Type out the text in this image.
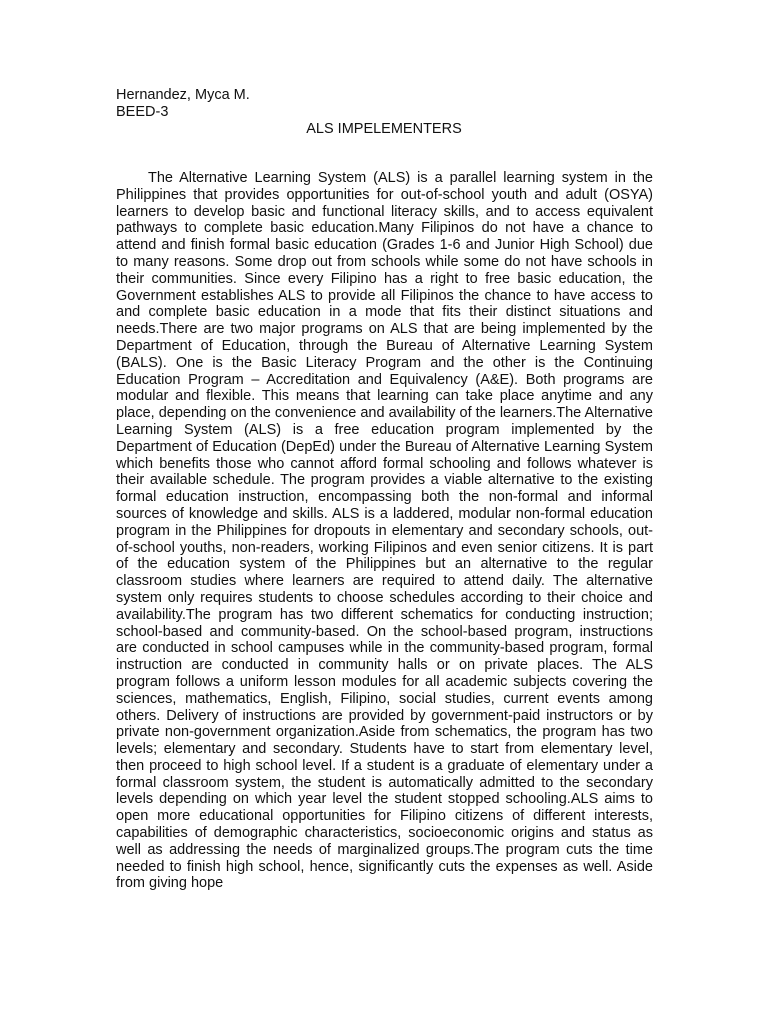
Hernandez, Myca M.
BEED-3
ALS IMPELEMENTERS

The Alternative Learning System (ALS) is a parallel learning system in the Philippines that provides opportunities for out-of-school youth and adult (OSYA) learners to develop basic and functional literacy skills, and to access equivalent pathways to complete basic education.Many Filipinos do not have a chance to attend and finish formal basic education (Grades 1-6 and Junior High School) due to many reasons. Some drop out from schools while some do not have schools in their communities. Since every Filipino has a right to free basic education, the Government establishes ALS to provide all Filipinos the chance to have access to and complete basic education in a mode that fits their distinct situations and needs.There are two major programs on ALS that are being implemented by the Department of Education, through the Bureau of Alternative Learning System (BALS). One is the Basic Literacy Program and the other is the Continuing Education Program – Accreditation and Equivalency (A&E). Both programs are modular and flexible. This means that learning can take place anytime and any place, depending on the convenience and availability of the learners.The Alternative Learning System (ALS) is a free education program implemented by the Department of Education (DepEd) under the Bureau of Alternative Learning System which benefits those who cannot afford formal schooling and follows whatever is their available schedule. The program provides a viable alternative to the existing formal education instruction, encompassing both the non-formal and informal sources of knowledge and skills. ALS is a laddered, modular non-formal education program in the Philippines for dropouts in elementary and secondary schools, out-of-school youths, non-readers, working Filipinos and even senior citizens. It is part of the education system of the Philippines but an alternative to the regular classroom studies where learners are required to attend daily. The alternative system only requires students to choose schedules according to their choice and availability.The program has two different schematics for conducting instruction; school-based and community-based. On the school-based program, instructions are conducted in school campuses while in the community-based program, formal instruction are conducted in community halls or on private places. The ALS program follows a uniform lesson modules for all academic subjects covering the sciences, mathematics, English, Filipino, social studies, current events among others. Delivery of instructions are provided by government-paid instructors or by private non-government organization.Aside from schematics, the program has two levels; elementary and secondary. Students have to start from elementary level, then proceed to high school level. If a student is a graduate of elementary under a formal classroom system, the student is automatically admitted to the secondary levels depending on which year level the student stopped schooling.ALS aims to open more educational opportunities for Filipino citizens of different interests, capabilities of demographic characteristics, socioeconomic origins and status as well as addressing the needs of marginalized groups.The program cuts the time needed to finish high school, hence, significantly cuts the expenses as well. Aside from giving hope
